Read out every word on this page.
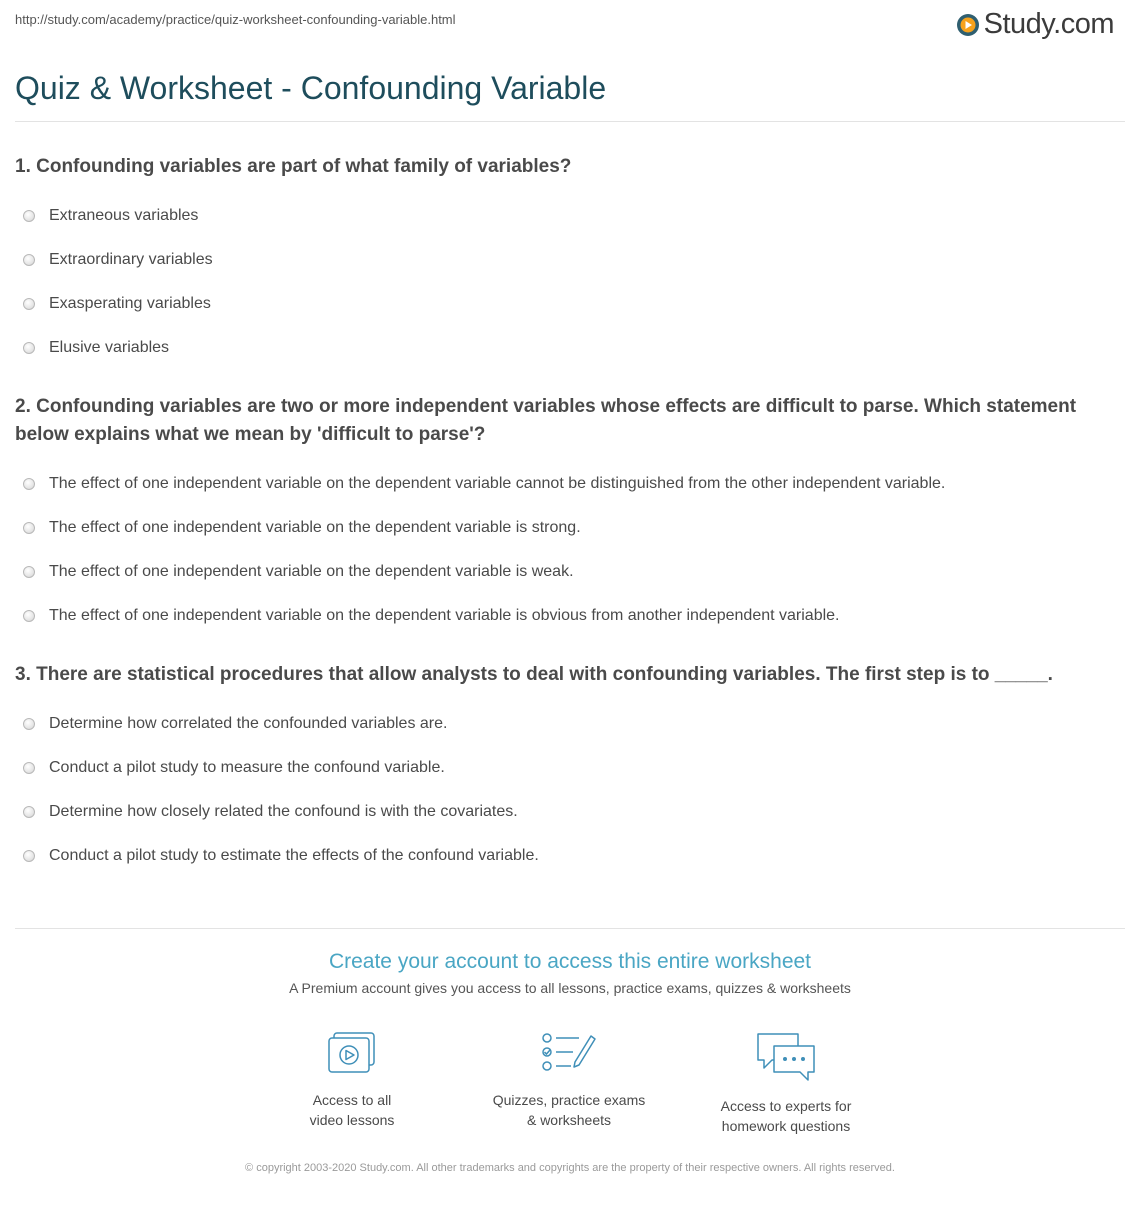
http://study.com/academy/practice/quiz-worksheet-confounding-variable.html	Study.com
Quiz & Worksheet - Confounding Variable

1. Confounding variables are part of what family of variables?

Extraneous variables
Extraordinary variables
Exasperating variables
Elusive variables

2. Confounding variables are two or more independent variables whose effects are difficult to parse. Which statement below explains what we mean by 'difficult to parse'?

The effect of one independent variable on the dependent variable cannot be distinguished from the other independent variable.
The effect of one independent variable on the dependent variable is strong.
The effect of one independent variable on the dependent variable is weak.
The effect of one independent variable on the dependent variable is obvious from another independent variable.

3. There are statistical procedures that allow analysts to deal with confounding variables. The first step is to _____.

Determine how correlated the confounded variables are.
Conduct a pilot study to measure the confound variable.
Determine how closely related the confound is with the covariates.
Conduct a pilot study to estimate the effects of the confound variable.

Create your account to access this entire worksheet

A Premium account gives you access to all lessons, practice exams, quizzes & worksheets

Access to all
video lessons
Quizzes, practice exams
& worksheets
Access to experts for
homework questions
© copyright 2003-2020 Study.com. All other trademarks and copyrights are the property of their respective owners. All rights reserved.
